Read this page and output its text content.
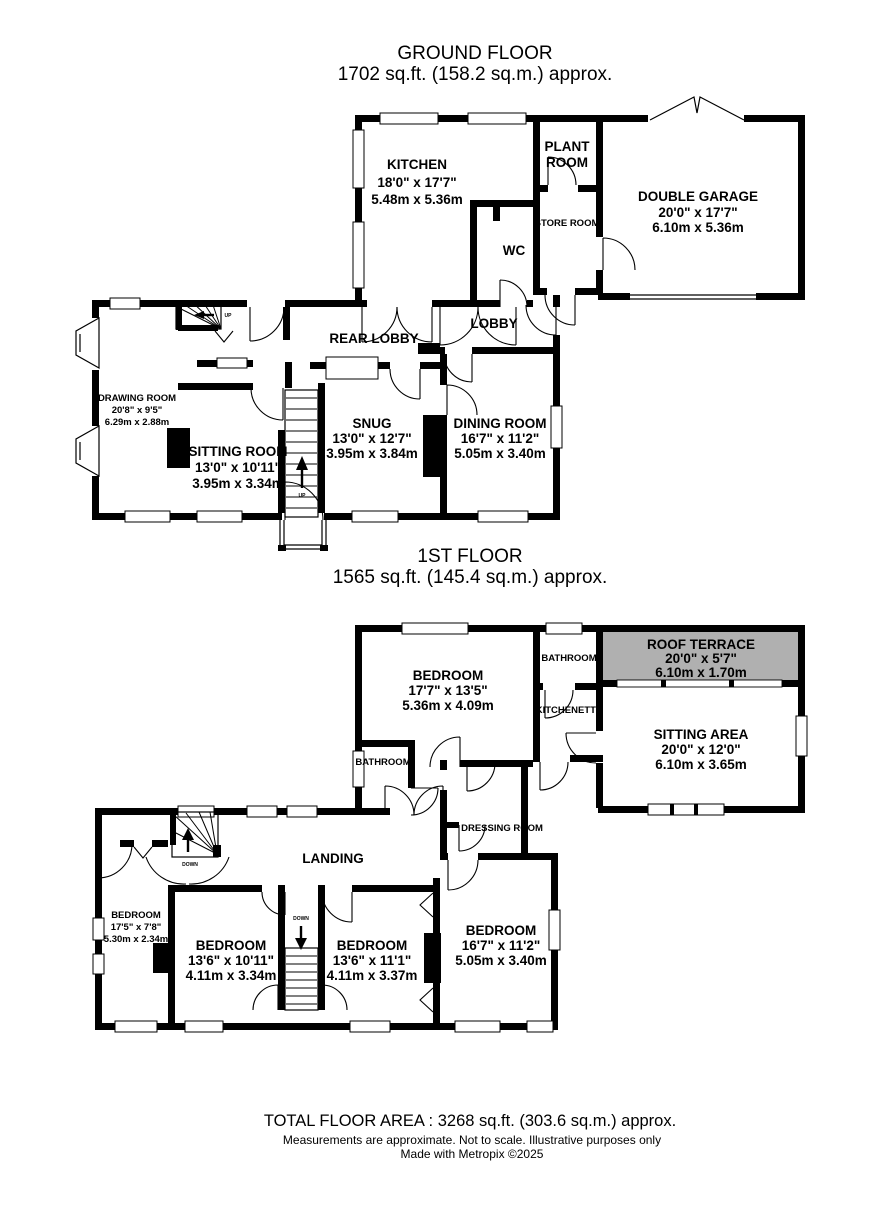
GROUND FLOOR
1702 sq.ft. (158.2 sq.m.) approx.
1ST FLOOR
1565 sq.ft. (145.4 sq.m.) approx.
KITCHEN
18'0" x 17'7"
5.48m x 5.36m
PLANT
ROOM
STORE ROOM
WC
DOUBLE GARAGE
20'0" x 17'7"
6.10m x 5.36m
REAR LOBBY
LOBBY
DRAWING ROOM
20'8" x 9'5"
6.29m x 2.88m
SITTING ROOM
13'0" x 10'11"
3.95m x 3.34m
SNUG
13'0" x 12'7"
3.95m x 3.84m
DINING ROOM
16'7" x 11'2"
5.05m x 3.40m
UP
UP
BEDROOM
17'7" x 13'5"
5.36m x 4.09m
BATHROOM
KITCHENETTE
ROOF TERRACE
20'0" x 5'7"
6.10m x 1.70m
SITTING AREA
20'0" x 12'0"
6.10m x 3.65m
BATHROOM
DRESSING ROOM
LANDING
BEDROOM
17'5" x 7'8"
5.30m x 2.34m BEDROOM
13'6" x 10'11"
4.11m x 3.34m
BEDROOM
13'6" x 11'1"
4.11m x 3.37m
BEDROOM
16'7" x 11'2"
5.05m x 3.40m
DOWN
DOWN
TOTAL FLOOR AREA : 3268 sq.ft. (303.6 sq.m.) approx.
Measurements are approximate. Not to scale. Illustrative purposes only
Made with Metropix ©2025
